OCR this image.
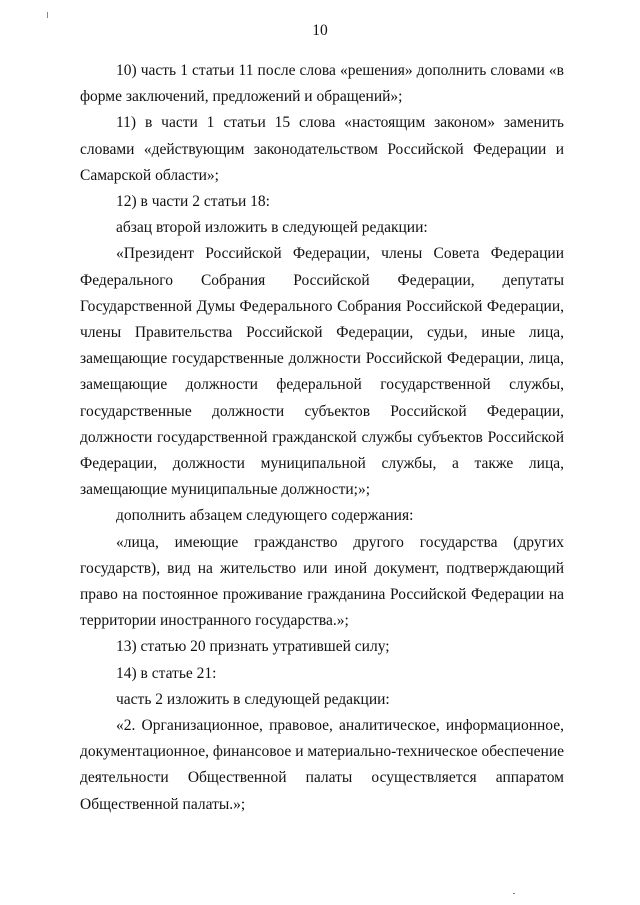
10

10) часть 1 статьи 11 после слова «решения» дополнить словами «в форме заключений, предложений и обращений»;

11) в части 1 статьи 15 слова «настоящим законом» заменить словами «действующим законодательством Российской Федерации и Самарской области»;

12) в части 2 статьи 18:

абзац второй изложить в следующей редакции:

«Президент Российской Федерации, члены Совета Федерации Федерального Собрания Российской Федерации, депутаты Государственной Думы Федерального Собрания Российской Федерации, члены Правительства Российской Федерации, судьи, иные лица, замещающие государственные должности Российской Федерации, лица, замещающие должности федеральной государственной службы, государственные должности субъектов Российской Федерации, должности государственной гражданской службы субъектов Российской Федерации, должности муниципальной службы, а также лица, замещающие муниципальные должности;»;

дополнить абзацем следующего содержания:

«лица, имеющие гражданство другого государства (других государств), вид на жительство или иной документ, подтверждающий право на постоянное проживание гражданина Российской Федерации на территории иностранного государства.»;

13) статью 20 признать утратившей силу;

14) в статье 21:

часть 2 изложить в следующей редакции:

«2. Организационное, правовое, аналитическое, информационное, документационное, финансовое и материально-техническое обеспечение деятельности Общественной палаты осуществляется аппаратом Общественной палаты.»;
